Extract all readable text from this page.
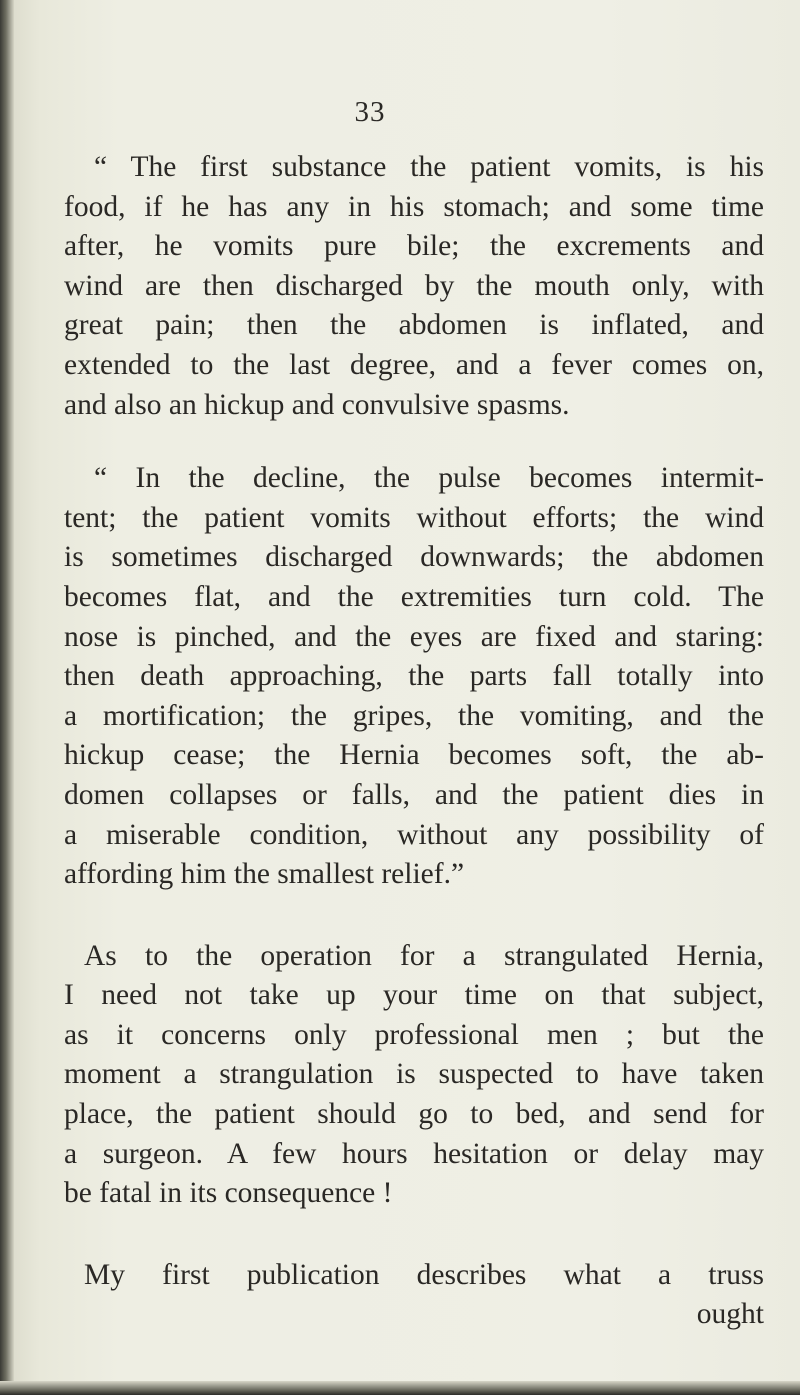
33
“ The first substance the patient vomits, is his
food, if he has any in his stomach; and some time
after, he vomits pure bile; the excrements and
wind are then discharged by the mouth only, with
great pain; then the abdomen is inflated, and
extended to the last degree, and a fever comes on,
and also an hickup and convulsive spasms.
“ In the decline, the pulse becomes intermit-
tent; the patient vomits without efforts; the wind
is sometimes discharged downwards; the abdomen
becomes flat, and the extremities turn cold. The
nose is pinched, and the eyes are fixed and staring:
then death approaching, the parts fall totally into
a mortification; the gripes, the vomiting, and the
hickup cease; the Hernia becomes soft, the ab-
domen collapses or falls, and the patient dies in
a miserable condition, without any possibility of
affording him the smallest relief.”
As to the operation for a strangulated Hernia,
I need not take up your time on that subject,
as it concerns only professional men ; but the
moment a strangulation is suspected to have taken
place, the patient should go to bed, and send for
a surgeon. A few hours hesitation or delay may
be fatal in its consequence !
My first publication describes what a truss
ought
